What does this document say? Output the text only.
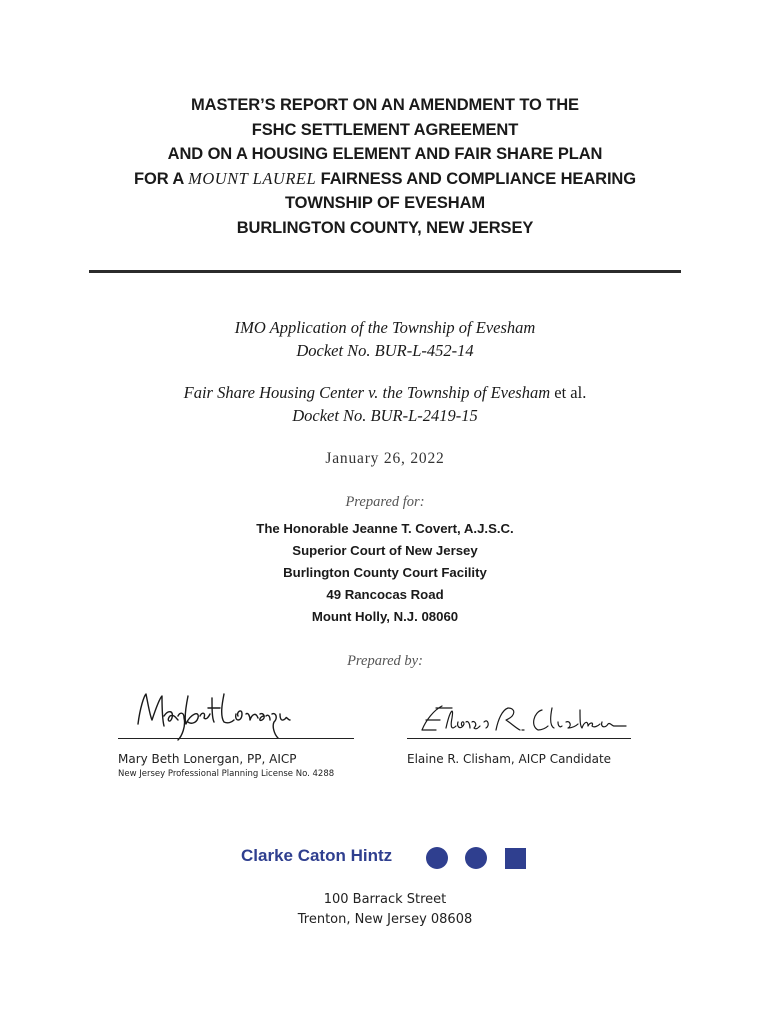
MASTER’S REPORT ON AN AMENDMENT TO THE
FSHC SETTLEMENT AGREEMENT
AND ON A HOUSING ELEMENT AND FAIR SHARE PLAN
FOR A MOUNT LAUREL FAIRNESS AND COMPLIANCE HEARING
TOWNSHIP OF EVESHAM
BURLINGTON COUNTY, NEW JERSEY
IMO Application of the Township of Evesham
Docket No. BUR-L-452-14
Fair Share Housing Center v. the Township of Evesham et al.
Docket No. BUR-L-2419-15
January 26, 2022
Prepared for:
The Honorable Jeanne T. Covert, A.J.S.C.
Superior Court of New Jersey
Burlington County Court Facility
49 Rancocas Road
Mount Holly, N.J. 08060
Prepared by:
Mary Beth Lonergan, PP, AICP
New Jersey Professional Planning License No. 4288
Elaine R. Clisham, AICP Candidate
Clarke Caton Hintz
100 Barrack Street
Trenton, New Jersey 08608
